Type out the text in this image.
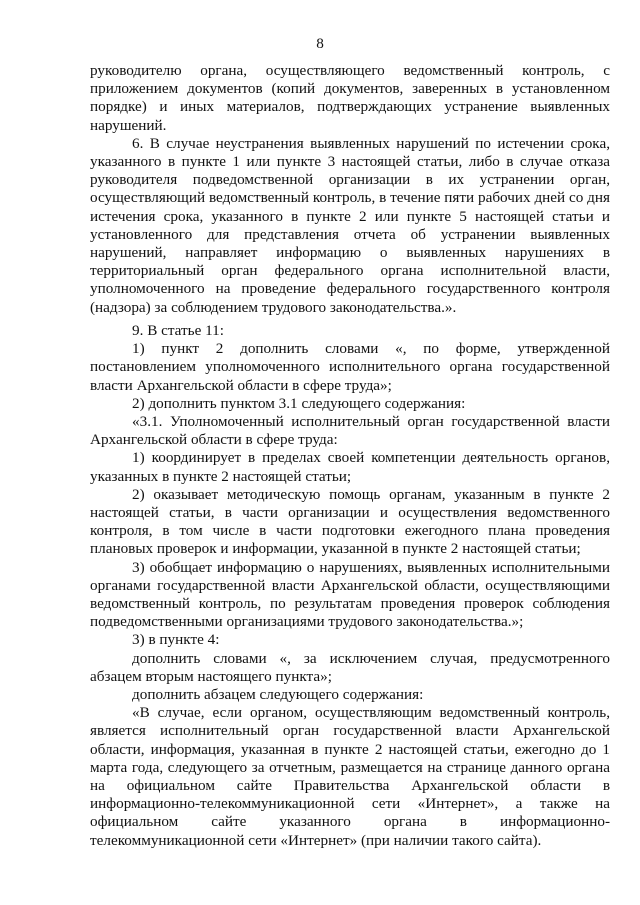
8

руководителю органа, осуществляющего ведомственный контроль, с приложением документов (копий документов, заверенных в установленном порядке) и иных материалов, подтверждающих устранение выявленных нарушений.

6. В случае неустранения выявленных нарушений по истечении срока, указанного в пункте 1 или пункте 3 настоящей статьи, либо в случае отказа руководителя подведомственной организации в их устранении орган, осуществляющий ведомственный контроль, в течение пяти рабочих дней со дня истечения срока, указанного в пункте 2 или пункте 5 настоящей статьи и установленного для представления отчета об устранении выявленных нарушений, направляет информацию о выявленных нарушениях в территориальный орган федерального органа исполнительной власти, уполномоченного на проведение федерального государственного контроля (надзора) за соблюдением трудового законодательства.».

9. В статье 11:

1) пункт 2 дополнить словами «, по форме, утвержденной постановлением уполномоченного исполнительного органа государственной власти Архангельской области в сфере труда»;

2) дополнить пунктом 3.1 следующего содержания:

«3.1. Уполномоченный исполнительный орган государственной власти Архангельской области в сфере труда:

1) координирует в пределах своей компетенции деятельность органов, указанных в пункте 2 настоящей статьи;

2) оказывает методическую помощь органам, указанным в пункте 2 настоящей статьи, в части организации и осуществления ведомственного контроля, в том числе в части подготовки ежегодного плана проведения плановых проверок и информации, указанной в пункте 2 настоящей статьи;

3) обобщает информацию о нарушениях, выявленных исполнительными органами государственной власти Архангельской области, осуществляющими ведомственный контроль, по результатам проведения проверок соблюдения подведомственными организациями трудового законодательства.»;

3) в пункте 4:

дополнить словами «, за исключением случая, предусмотренного абзацем вторым настоящего пункта»;

дополнить абзацем следующего содержания:

«В случае, если органом, осуществляющим ведомственный контроль, является исполнительный орган государственной власти Архангельской области, информация, указанная в пункте 2 настоящей статьи, ежегодно до 1 марта года, следующего за отчетным, размещается на странице данного органа на официальном сайте Правительства Архангельской области в информационно-телекоммуникационной сети «Интернет», а также на официальном сайте указанного органа в информационно-телекоммуникационной сети «Интернет» (при наличии такого сайта).
